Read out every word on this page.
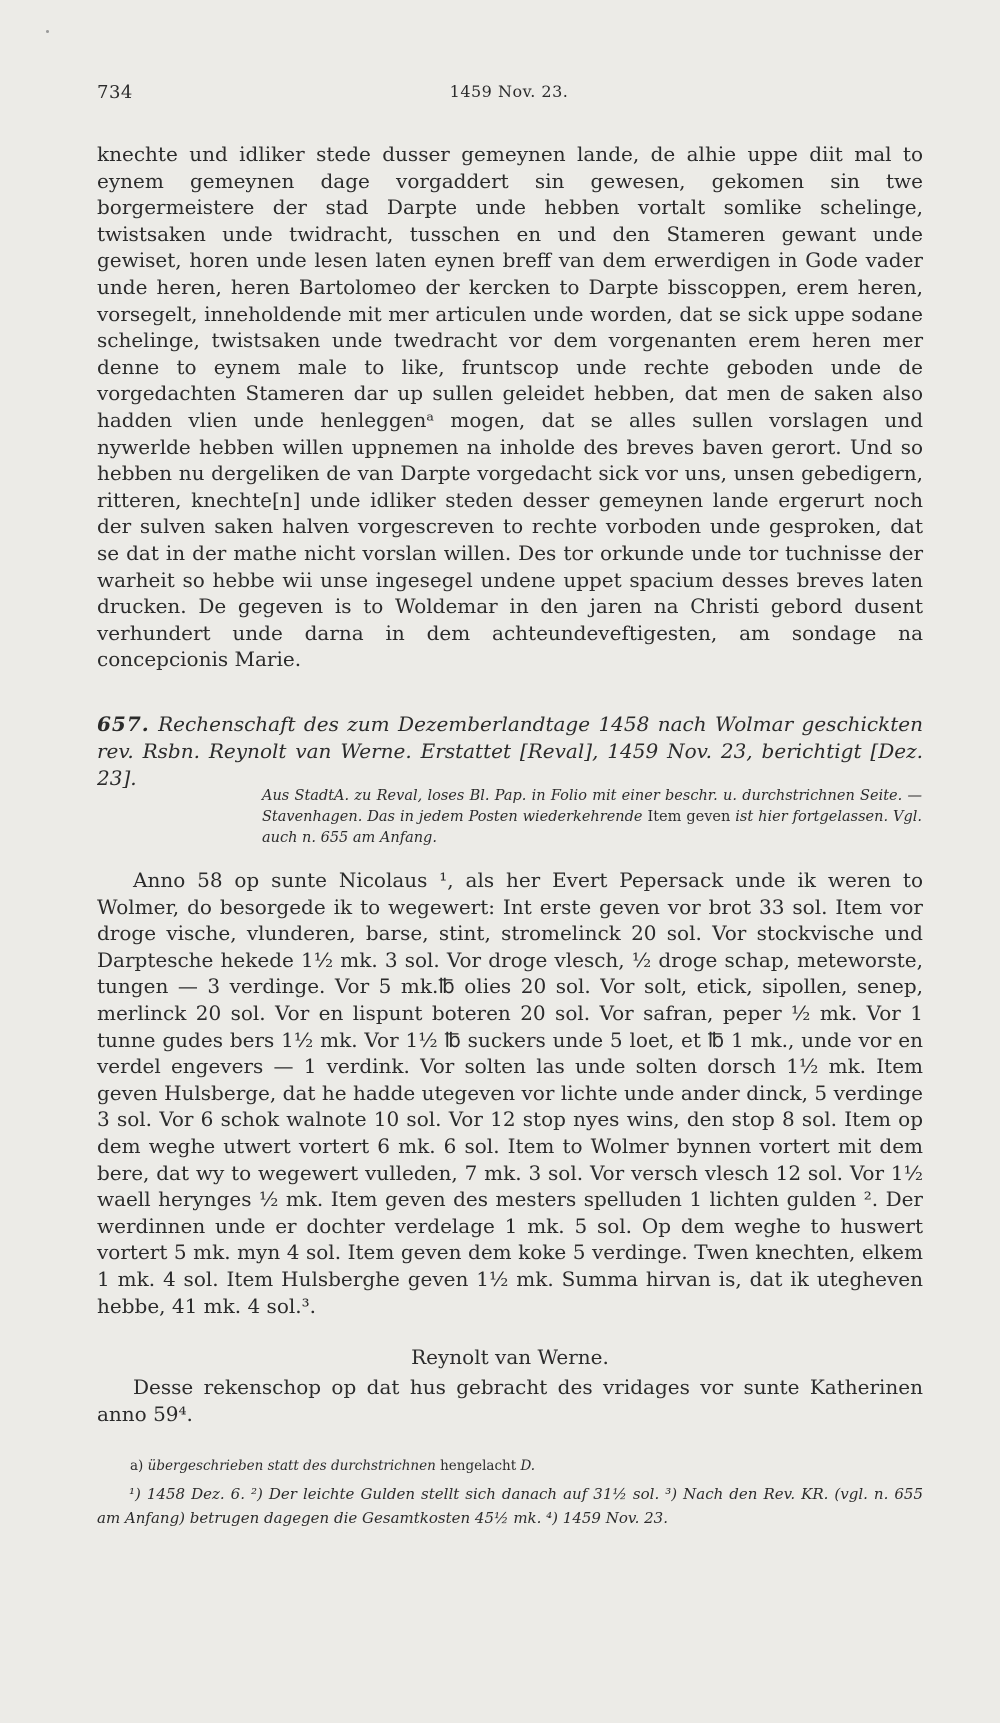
734	1459 Nov. 23.

knechte und idliker stede dusser gemeynen lande, de alhie uppe diit mal to eynem gemeynen dage vorgaddert sin gewesen, gekomen sin twe borgermeistere der stad Darpte unde hebben vortalt somlike schelinge, twistsaken unde twidracht, tusschen en und den Stameren gewant unde gewiset, horen unde lesen laten eynen breff van dem erwerdigen in Gode vader unde heren, heren Bartolomeo der kercken to Darpte bisscoppen, erem heren, vorsegelt, inneholdende mit mer articulen unde worden, dat se sick uppe sodane schelinge, twistsaken unde twedracht vor dem vorgenanten erem heren mer denne to eynem male to like, fruntscop unde rechte geboden unde de vorgedachten Stameren dar up sullen geleidet hebben, dat men de saken also hadden vlien unde henleggenᵃ mogen, dat se alles sullen vorslagen und nywerlde hebben willen uppnemen na inholde des breves baven gerort. Und so hebben nu dergeliken de van Darpte vorgedacht sick vor uns, unsen gebedigern, ritteren, knechte[n] unde idliker steden desser gemeynen lande ergerurt noch der sulven saken halven vorgescreven to rechte vorboden unde gesproken, dat se dat in der mathe nicht vorslan willen. Des tor orkunde unde tor tuchnisse der warheit so hebbe wii unse ingesegel undene uppet spacium desses breves laten drucken. De gegeven is to Woldemar in den jaren na Christi gebord dusent verhundert unde darna in dem achteundeveftigesten, am sondage na concepcionis Marie.

657. Rechenschaft des zum Dezemberlandtage 1458 nach Wolmar geschickten rev. Rsbn. Reynolt van Werne. Erstattet [Reval], 1459 Nov. 23, berichtigt [Dez. 23].
Aus StadtA. zu Reval, loses Bl. Pap. in Folio mit einer beschr. u. durchstrichnen Seite. — Stavenhagen. Das in jedem Posten wiederkehrende Item geven ist hier fortgelassen. Vgl. auch n. 655 am Anfang.

Anno 58 op sunte Nicolaus ¹, als her Evert Pepersack unde ik weren to Wolmer, do besorgede ik to wegewert: Int erste geven vor brot 33 sol. Item vor droge vische, vlunderen, barse, stint, stromelinck 20 sol. Vor stockvische und Darptesche hekede 1½ mk. 3 sol. Vor droge vlesch, ½ droge schap, meteworste, tungen — 3 verdinge. Vor 5 mk.℔ olies 20 sol. Vor solt, etick, sipollen, senep, merlinck 20 sol. Vor en lispunt boteren 20 sol. Vor safran, peper ½ mk. Vor 1 tunne gudes bers 1½ mk. Vor 1½ ℔ suckers unde 5 loet, et ℔ 1 mk., unde vor en verdel engevers — 1 verdink. Vor solten las unde solten dorsch 1½ mk. Item geven Hulsberge, dat he hadde utegeven vor lichte unde ander dinck, 5 verdinge 3 sol. Vor 6 schok walnote 10 sol. Vor 12 stop nyes wins, den stop 8 sol. Item op dem weghe utwert vortert 6 mk. 6 sol. Item to Wolmer bynnen vortert mit dem bere, dat wy to wegewert vulleden, 7 mk. 3 sol. Vor versch vlesch 12 sol. Vor 1½ waell herynges ½ mk. Item geven des mesters spelluden 1 lichten gulden ². Der werdinnen unde er dochter verdelage 1 mk. 5 sol. Op dem weghe to huswert vortert 5 mk. myn 4 sol. Item geven dem koke 5 verdinge. Twen knechten, elkem 1 mk. 4 sol. Item Hulsberghe geven 1½ mk. Summa hirvan is, dat ik utegheven hebbe, 41 mk. 4 sol.³.

Reynolt van Werne.
Desse rekenschop op dat hus gebracht des vridages vor sunte Katherinen anno 59⁴.
a) übergeschrieben statt des durchstrichnen hengelacht D.

¹) 1458 Dez. 6. ²) Der leichte Gulden stellt sich danach auf 31½ sol. ³) Nach den Rev. KR. (vgl. n. 655 am Anfang) betrugen dagegen die Gesamtkosten 45½ mk. ⁴) 1459 Nov. 23.
